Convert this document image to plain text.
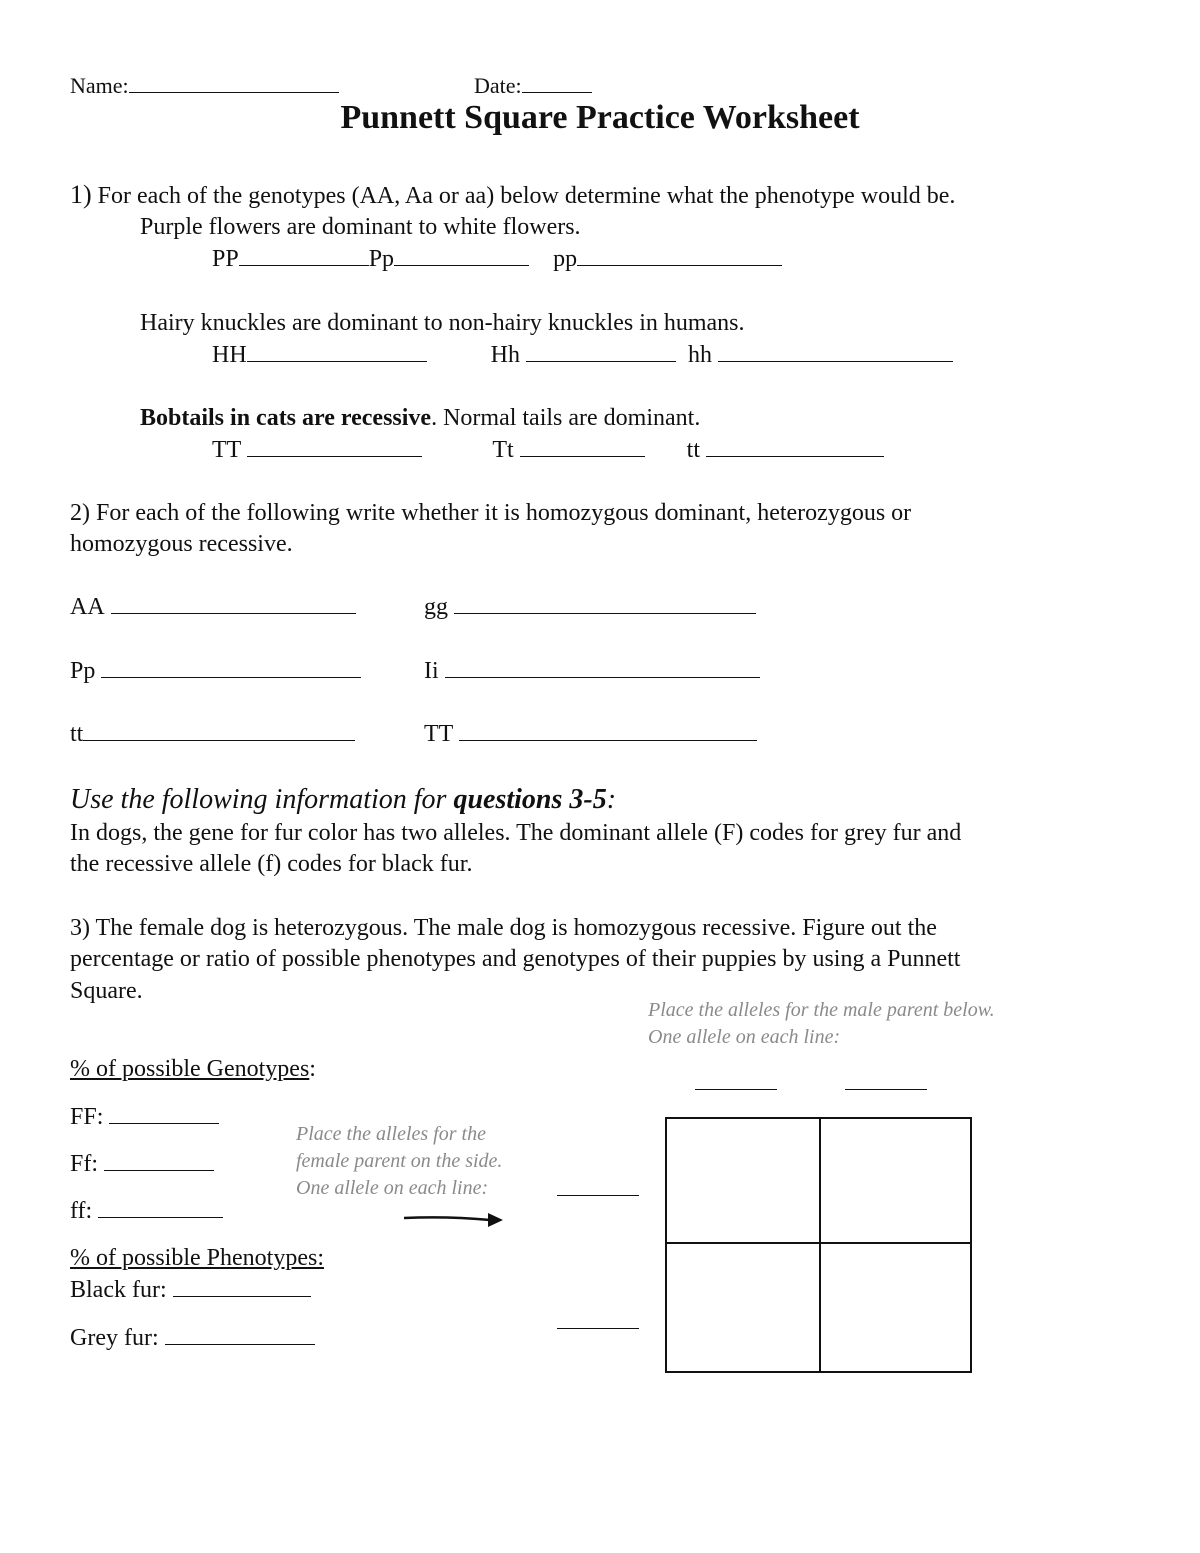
Name:	Date:
Punnett Square Practice Worksheet
1) For each of the genotypes (AA, Aa or aa) below determine what the phenotype would be.
Purple flowers are dominant to white flowers.
PP	Pp	pp
Hairy knuckles are dominant to non-hairy knuckles in humans.
HH	Hh	hh
Bobtails in cats are recessive. Normal tails are dominant.
TT	Tt	tt
2) For each of the following write whether it is homozygous dominant, heterozygous or
homozygous recessive.
AA	gg
Pp	Ii
tt	TT
Use the following information for questions 3-5:
In dogs, the gene for fur color has two alleles. The dominant allele (F) codes for grey fur and
the recessive allele (f) codes for black fur.
3) The female dog is heterozygous. The male dog is homozygous recessive. Figure out the
percentage or ratio of possible phenotypes and genotypes of their puppies by using a Punnett
Square.
Place the alleles for the male parent below. One allele on each line:
% of possible Genotypes:
FF:
Ff:
ff:
Place the alleles for the female parent on the side. One allele on each line:
% of possible Phenotypes:
Black fur:
Grey fur:
